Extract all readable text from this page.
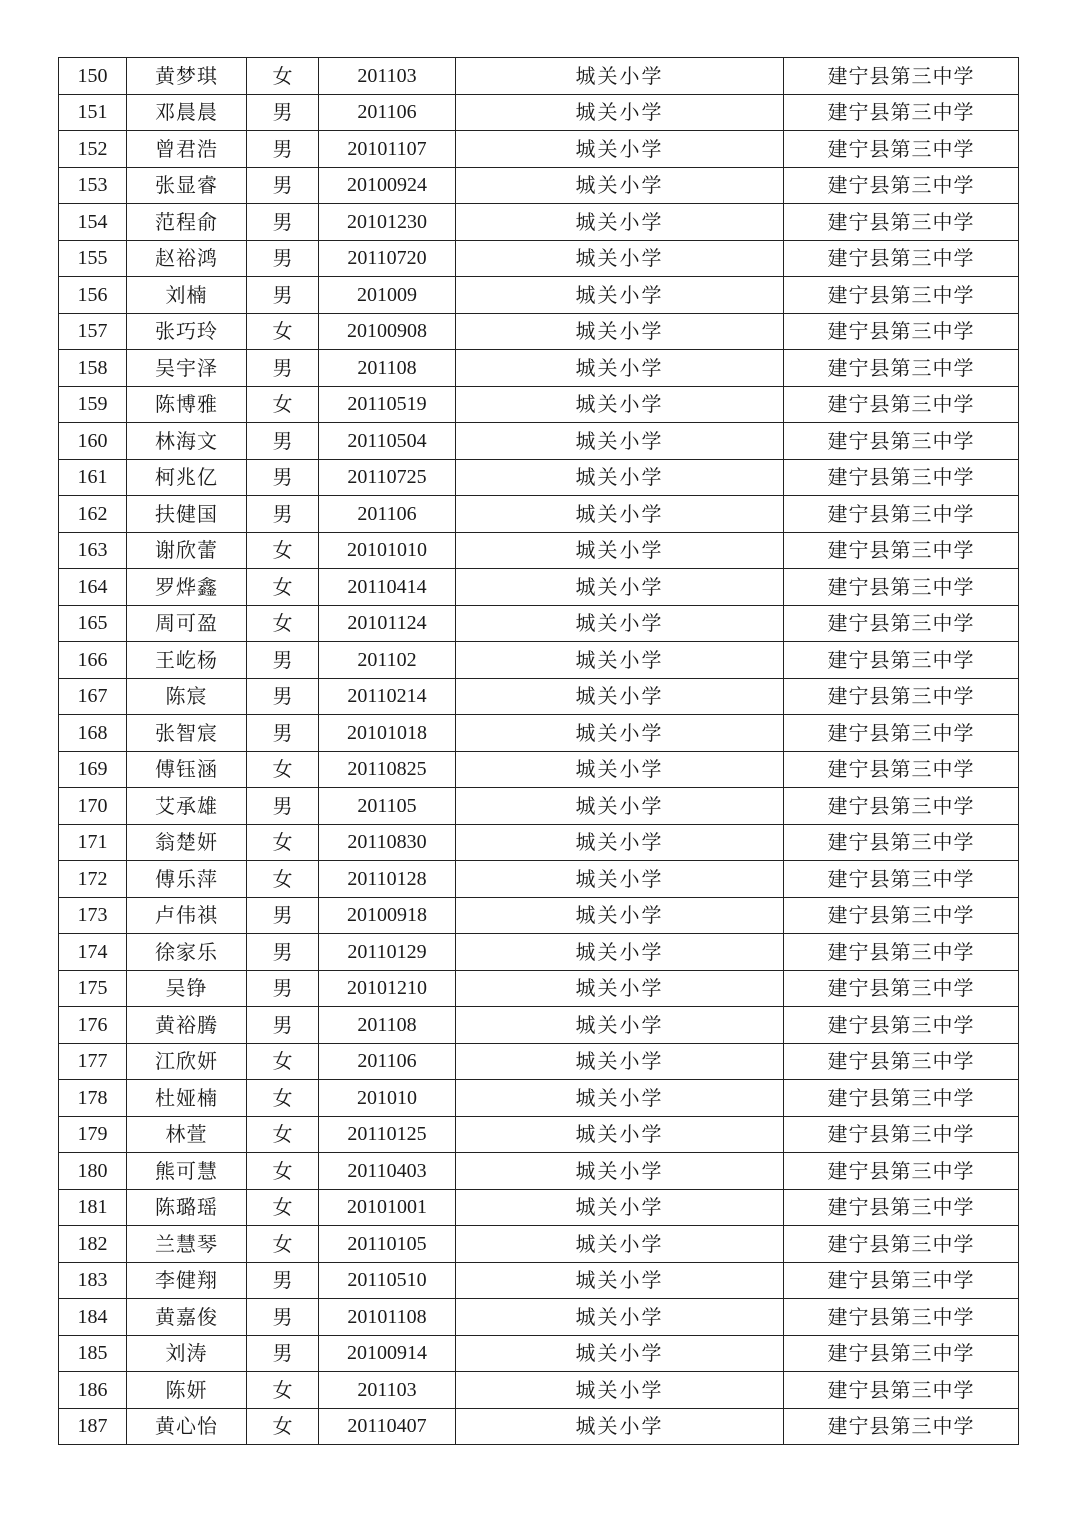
150	黄梦琪	女	201103	城关小学	建宁县第三中学
151	邓晨晨	男	201106	城关小学	建宁县第三中学
152	曾君浩	男	20101107	城关小学	建宁县第三中学
153	张显睿	男	20100924	城关小学	建宁县第三中学
154	范程俞	男	20101230	城关小学	建宁县第三中学
155	赵裕鸿	男	20110720	城关小学	建宁县第三中学
156	刘楠	男	201009	城关小学	建宁县第三中学
157	张巧玲	女	20100908	城关小学	建宁县第三中学
158	吴宇泽	男	201108	城关小学	建宁县第三中学
159	陈博雅	女	20110519	城关小学	建宁县第三中学
160	林海文	男	20110504	城关小学	建宁县第三中学
161	柯兆亿	男	20110725	城关小学	建宁县第三中学
162	扶健国	男	201106	城关小学	建宁县第三中学
163	谢欣蕾	女	20101010	城关小学	建宁县第三中学
164	罗烨鑫	女	20110414	城关小学	建宁县第三中学
165	周可盈	女	20101124	城关小学	建宁县第三中学
166	王屹杨	男	201102	城关小学	建宁县第三中学
167	陈宸	男	20110214	城关小学	建宁县第三中学
168	张智宸	男	20101018	城关小学	建宁县第三中学
169	傅钰涵	女	20110825	城关小学	建宁县第三中学
170	艾承雄	男	201105	城关小学	建宁县第三中学
171	翁楚妍	女	20110830	城关小学	建宁县第三中学
172	傅乐萍	女	20110128	城关小学	建宁县第三中学
173	卢伟祺	男	20100918	城关小学	建宁县第三中学
174	徐家乐	男	20110129	城关小学	建宁县第三中学
175	吴铮	男	20101210	城关小学	建宁县第三中学
176	黄裕腾	男	201108	城关小学	建宁县第三中学
177	江欣妍	女	201106	城关小学	建宁县第三中学
178	杜娅楠	女	201010	城关小学	建宁县第三中学
179	林萱	女	20110125	城关小学	建宁县第三中学
180	熊可慧	女	20110403	城关小学	建宁县第三中学
181	陈璐瑶	女	20101001	城关小学	建宁县第三中学
182	兰慧琴	女	20110105	城关小学	建宁县第三中学
183	李健翔	男	20110510	城关小学	建宁县第三中学
184	黄嘉俊	男	20101108	城关小学	建宁县第三中学
185	刘涛	男	20100914	城关小学	建宁县第三中学
186	陈妍	女	201103	城关小学	建宁县第三中学
187	黄心怡	女	20110407	城关小学	建宁县第三中学
